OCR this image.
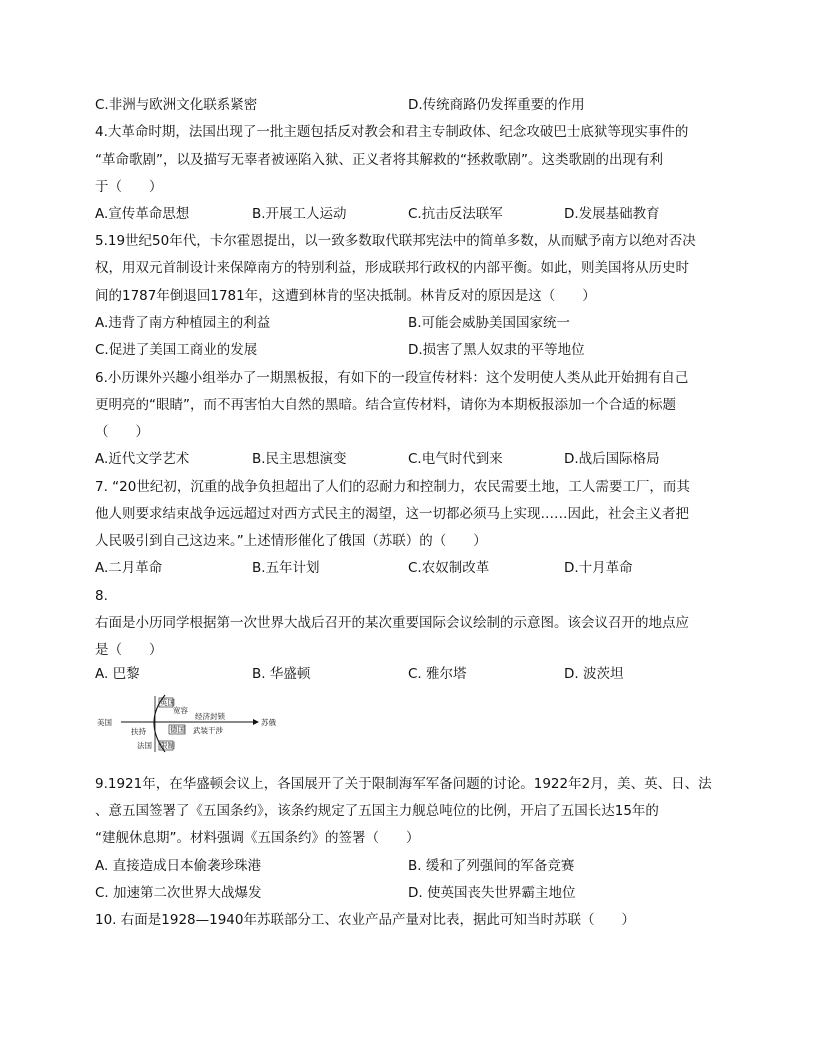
C.非洲与欧洲文化联系紧密	D.传统商路仍发挥重要的作用
4.大革命时期，法国出现了一批主题包括反对教会和君主专制政体、纪念攻破巴士底狱等现实事件的
“革命歌剧”，以及描写无辜者被诬陷入狱、正义者将其解救的“拯救歌剧”。这类歌剧的出现有利
于（　　）
A.宣传革命思想	B.开展工人运动	C.抗击反法联军	D.发展基础教育
5.19世纪50年代，卡尔霍恩提出，以一致多数取代联邦宪法中的简单多数，从而赋予南方以绝对否决
权，用双元首制设计来保障南方的特别利益，形成联邦行政权的内部平衡。如此，则美国将从历史时
间的1787年倒退回1781年，这遭到林肯的坚决抵制。林肯反对的原因是这（　　）
A.违背了南方种植园主的利益	B.可能会威胁美国国家统一
C.促进了美国工商业的发展	D.损害了黑人奴隶的平等地位
6.小历课外兴趣小组举办了一期黑板报，有如下的一段宣传材料：这个发明使人类从此开始拥有自己
更明亮的“眼睛”，而不再害怕大自然的黑暗。结合宣传材料，请你为本期板报添加一个合适的标题
（　　）
A.近代文学艺术	B.民主思想演变	C.电气时代到来	D.战后国际格局
7. “20世纪初，沉重的战争负担超出了人们的忍耐力和控制力，农民需要土地，工人需要工厂，而其
他人则要求结束战争远远超过对西方式民主的渴望，这一切都必须马上实现……因此，社会主义者把
人民吸引到自己这边来。”上述情形催化了俄国（苏联）的（　　）
A.二月革命	B.五年计划	C.农奴制改革	D.十月革命
8.
右面是小历同学根据第一次世界大战后召开的某次重要国际会议绘制的示意图。该会议召开的地点应
是（　　）
A. 巴黎	B. 华盛顿	C. 雅尔塔	D. 波茨坦
美国
英国
宽容
经济封锁
苏俄
扶持	德国 武装干涉
法国 限制
9.1921年，在华盛顿会议上，各国展开了关于限制海军军备问题的讨论。1922年2月，美、英、日、法
、意五国签署了《五国条约》，该条约规定了五国主力舰总吨位的比例，开启了五国长达15年的
“建舰休息期”。材料强调《五国条约》的签署（　　）
A. 直接造成日本偷袭珍珠港	B. 缓和了列强间的军备竞赛
C. 加速第二次世界大战爆发	D. 使英国丧失世界霸主地位
10. 右面是1928—1940年苏联部分工、农业产品产量对比表，据此可知当时苏联（　　）
